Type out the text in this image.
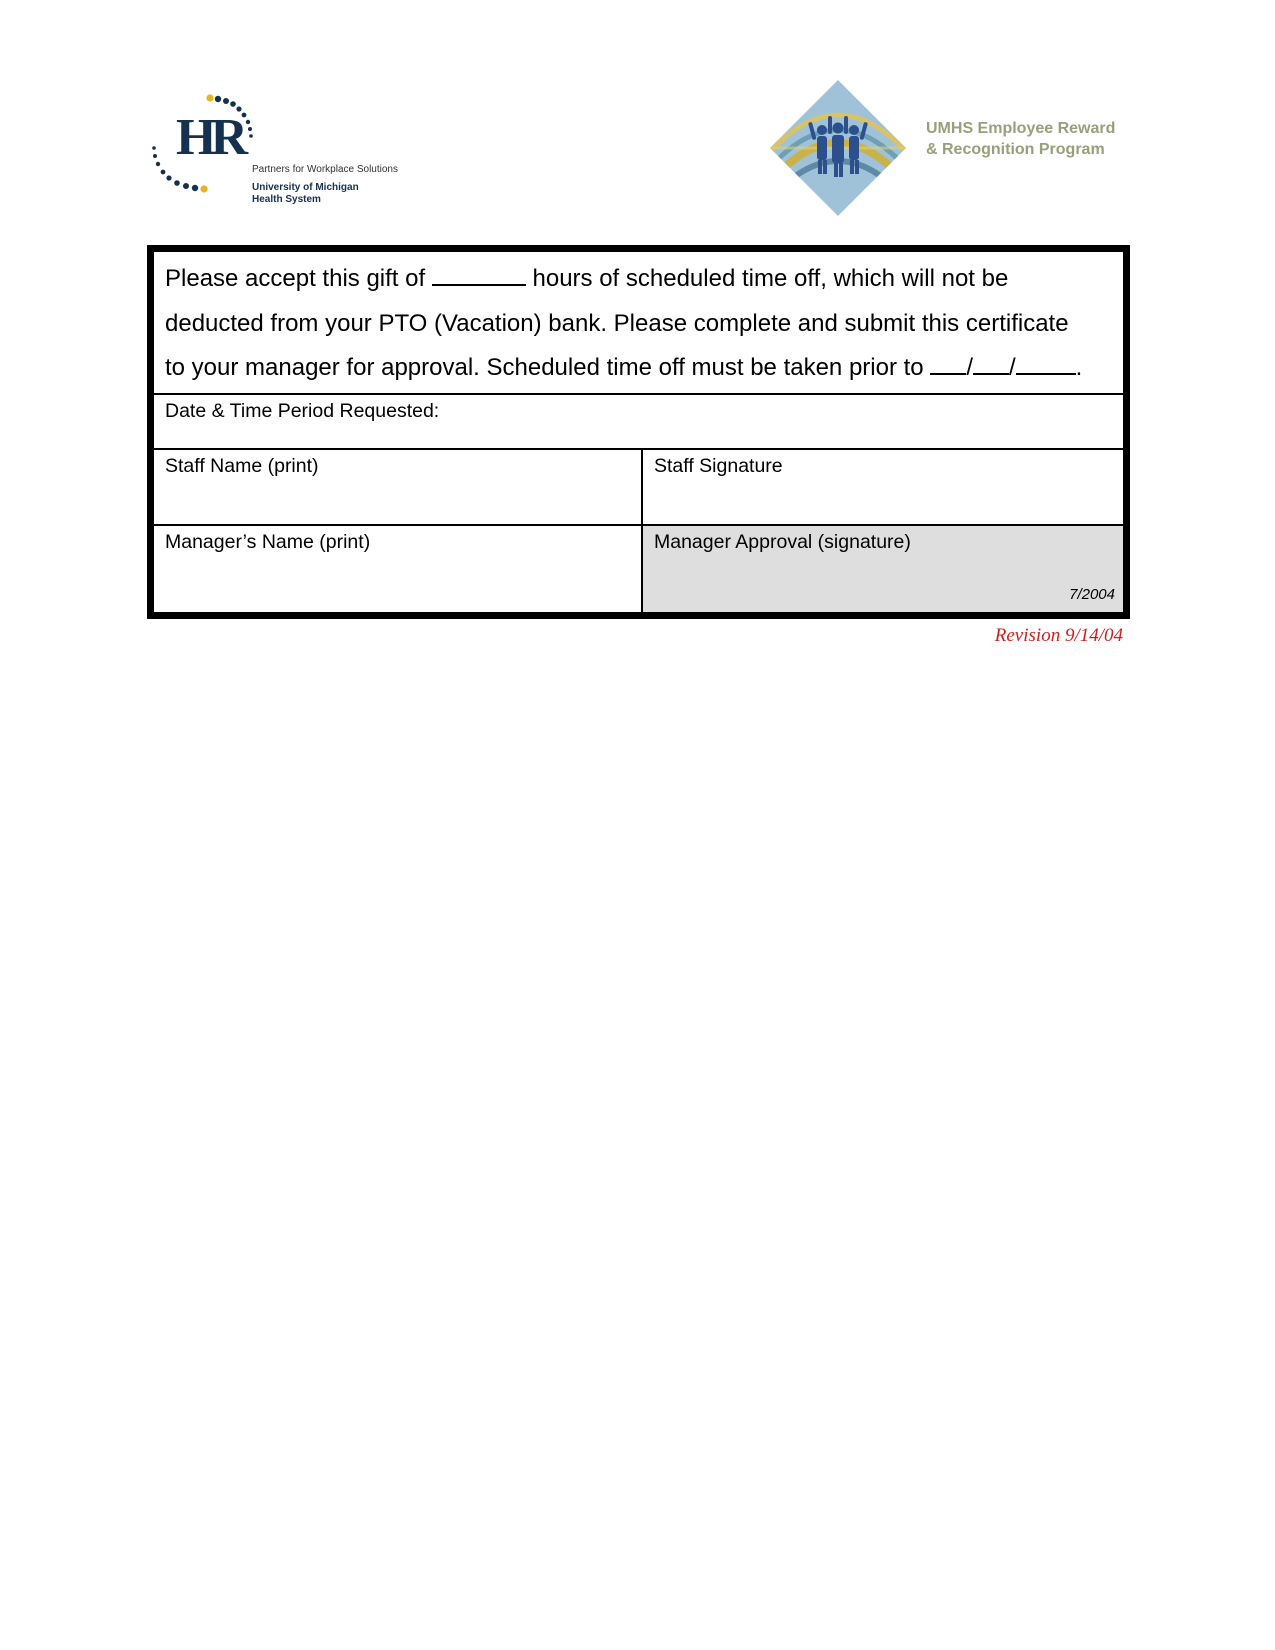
HR
Partners for Workplace Solutions
University of Michigan
Health System
UMHS Employee Reward
& Recognition Program
Please accept this gift of	hours of scheduled time off, which will not be
deducted from your PTO (Vacation) bank. Please complete and submit this certificate
to your manager for approval. Scheduled time off must be taken prior to / /	.
Date & Time Period Requested:
Staff Name (print)	Staff Signature
Manager’s Name (print)	Manager Approval (signature)
7/2004
Revision 9/14/04
